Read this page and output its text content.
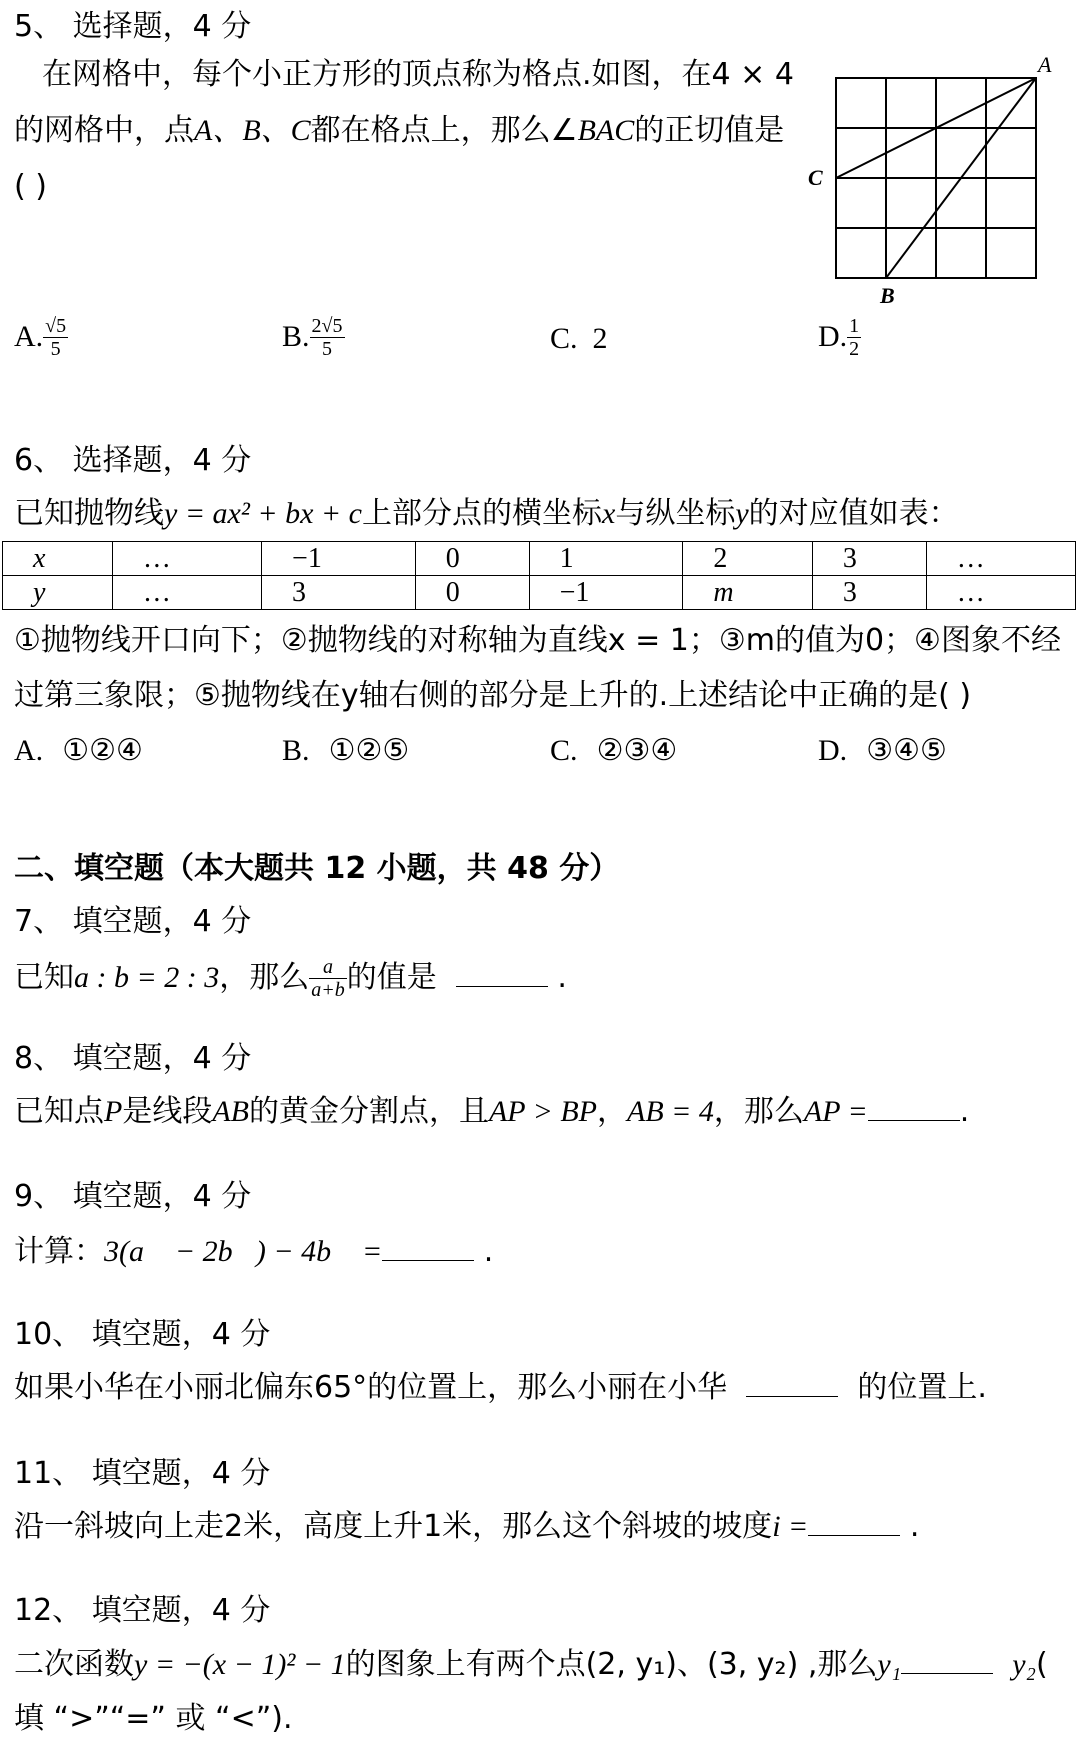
5、 选择题，4 分
在网格中，每个小正方形的顶点称为格点.如图，在4 × 4
的网格中，点A、B、C都在格点上，那么∠BAC的正切值是
( )
A
C
B
A. $\frac{√5}{5}$	B. $\frac{2√5}{5}$	C. 2	D. $\frac{1}{2}$
6、 选择题，4 分
已知抛物线y = ax² + bx + c上部分点的横坐标x与纵坐标y的对应值如表：
x	…	−1	0	1	2	3	…
y	…	3	0	−1	m	3	…
①抛物线开口向下；②抛物线的对称轴为直线x = 1；③m的值为0；④图象不经
过第三象限；⑤抛物线在y轴右侧的部分是上升的.上述结论中正确的是( )
A. ①②④	B. ①②⑤	C. ②③④	D. ③④⑤
二、填空题（本大题共 12 小题，共 48 分）
7、 填空题，4 分
已知a : b = 2 : 3，那么 $\frac{a}{a+b}$ 的值是	.
8、 填空题，4 分
已知点P是线段AB的黄金分割点，且AP > BP，AB = 4，那么AP =	.
9、 填空题，4 分
计算：3(a⃗ − 2b⃗) − 4b⃗ =	.
10、 填空题，4 分
如果小华在小丽北偏东65°的位置上，那么小丽在小华	的位置上.
11、 填空题，4 分
沿一斜坡向上走2米，高度上升1米，那么这个斜坡的坡度i =	.
12、 填空题，4 分
二次函数y = −(x − 1)² − 1的图象上有两个点(2, y₁)、(3, y₂) ,那么y₁	y₂(
填 “>”“=” 或 “<”).
